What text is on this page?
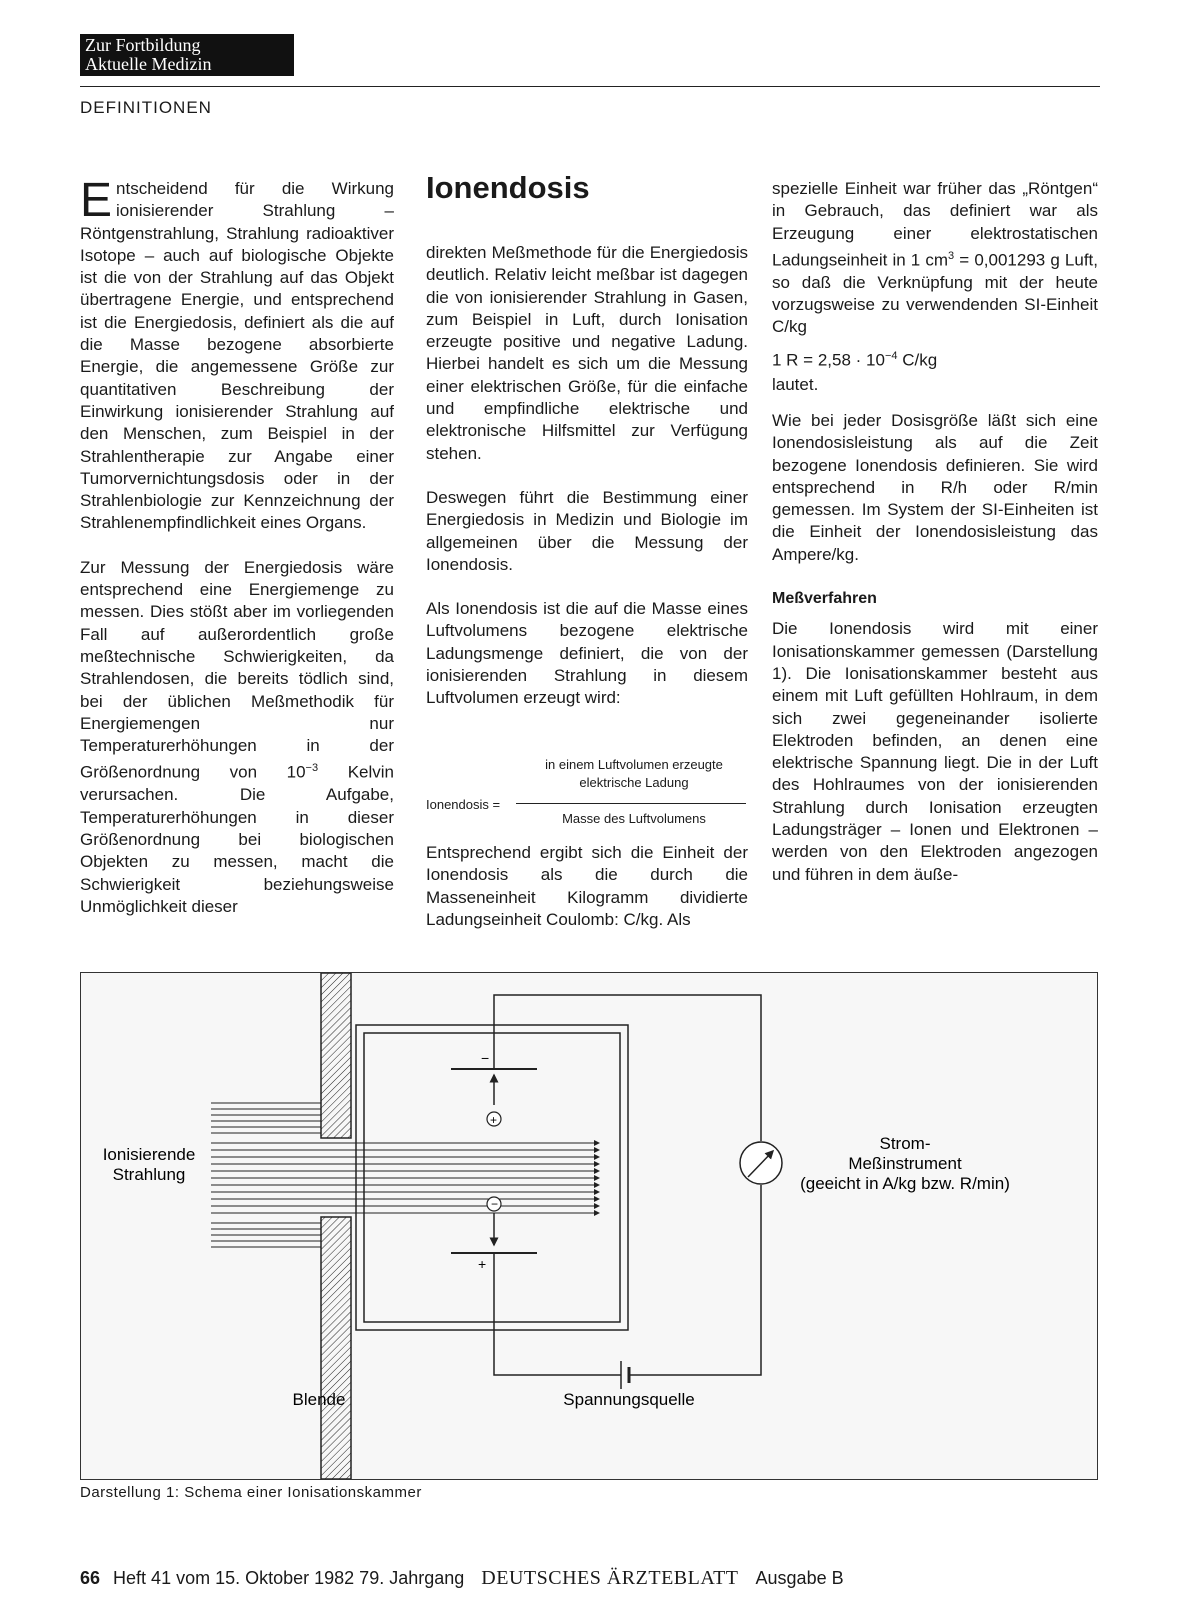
Zur Fortbildung
Aktuelle Medizin
DEFINITIONEN

Entscheidend für die Wirkung ionisierender Strahlung – Röntgenstrahlung, Strahlung radioaktiver Isotope – auch auf biologische Objekte ist die von der Strahlung auf das Objekt übertragene Energie, und entsprechend ist die Energiedosis, definiert als die auf die Masse bezogene absorbierte Energie, die angemessene Größe zur quantitativen Beschreibung der Einwirkung ionisierender Strahlung auf den Menschen, zum Beispiel in der Strahlentherapie zur Angabe einer Tumorvernichtungsdosis oder in der Strahlenbiologie zur Kennzeichnung der Strahlenempfindlichkeit eines Organs.

Zur Messung der Energiedosis wäre entsprechend eine Energiemenge zu messen. Dies stößt aber im vorliegenden Fall auf außerordentlich große meßtechnische Schwierigkeiten, da Strahlendosen, die bereits tödlich sind, bei der üblichen Meßmethodik für Energiemengen nur Temperaturerhöhungen in der Größenordnung von $10^{-3}$ Kelvin verursachen. Die Aufgabe, Temperaturerhöhungen in dieser Größenordnung bei biologischen Objekten zu messen, macht die Schwierigkeit beziehungsweise Unmöglichkeit dieser

Ionendosis

direkten Meßmethode für die Energiedosis deutlich. Relativ leicht meßbar ist dagegen die von ionisierender Strahlung in Gasen, zum Beispiel in Luft, durch Ionisation erzeugte positive und negative Ladung. Hierbei handelt es sich um die Messung einer elektrischen Größe, für die einfache und empfindliche elektrische und elektronische Hilfsmittel zur Verfügung stehen.

Deswegen führt die Bestimmung einer Energiedosis in Medizin und Biologie im allgemeinen über die Messung der Ionendosis.

Als Ionendosis ist die auf die Masse eines Luftvolumens bezogene elektrische Ladungsmenge definiert, die von der ionisierenden Strahlung in diesem Luftvolumen erzeugt wird:

in einem Luftvolumen erzeugte
elektrische Ladung
Ionendosis =
Masse des Luftvolumens

Entsprechend ergibt sich die Einheit der Ionendosis als die durch die Masseneinheit Kilogramm dividierte Ladungseinheit Coulomb: C/kg. Als

spezielle Einheit war früher das „Röntgen“ in Gebrauch, das definiert war als Erzeugung einer elektrostatischen Ladungseinheit in 1 $cm^3 = 0,001293$ g Luft, so daß die Verknüpfung mit der heute vorzugsweise zu verwendenden SI-Einheit C/kg

1 $R = 2,58 \cdot 10^{-4}$ C/kg

lautet.

Wie bei jeder Dosisgröße läßt sich eine Ionendosisleistung als auf die Zeit bezogene Ionendosis definieren. Sie wird entsprechend in R/h oder R/min gemessen. Im System der SI-Einheiten ist die Einheit der Ionendosisleistung das Ampere/kg.

Meßverfahren

Die Ionendosis wird mit einer Ionisationskammer gemessen (Darstellung 1). Die Ionisationskammer besteht aus einem mit Luft gefüllten Hohlraum, in dem sich zwei gegeneinander isolierte Elektroden befinden, an denen eine elektrische Spannung liegt. Die in der Luft des Hohlraumes von der ionisierenden Strahlung durch Ionisation erzeugten Ladungsträger – Ionen und Elektronen – werden von den Elektroden angezogen und führen in dem äuße-

−
+
+
−
Ionisierende
Strahlung
Strom-
Meßinstrument
(geeicht in A/kg bzw. R/min)
Blende	Spannungsquelle
Darstellung 1: Schema einer Ionisationskammer
66 Heft 41 vom 15. Oktober 1982 79. Jahrgang DEUTSCHES ÄRZTEBLATT Ausgabe B
